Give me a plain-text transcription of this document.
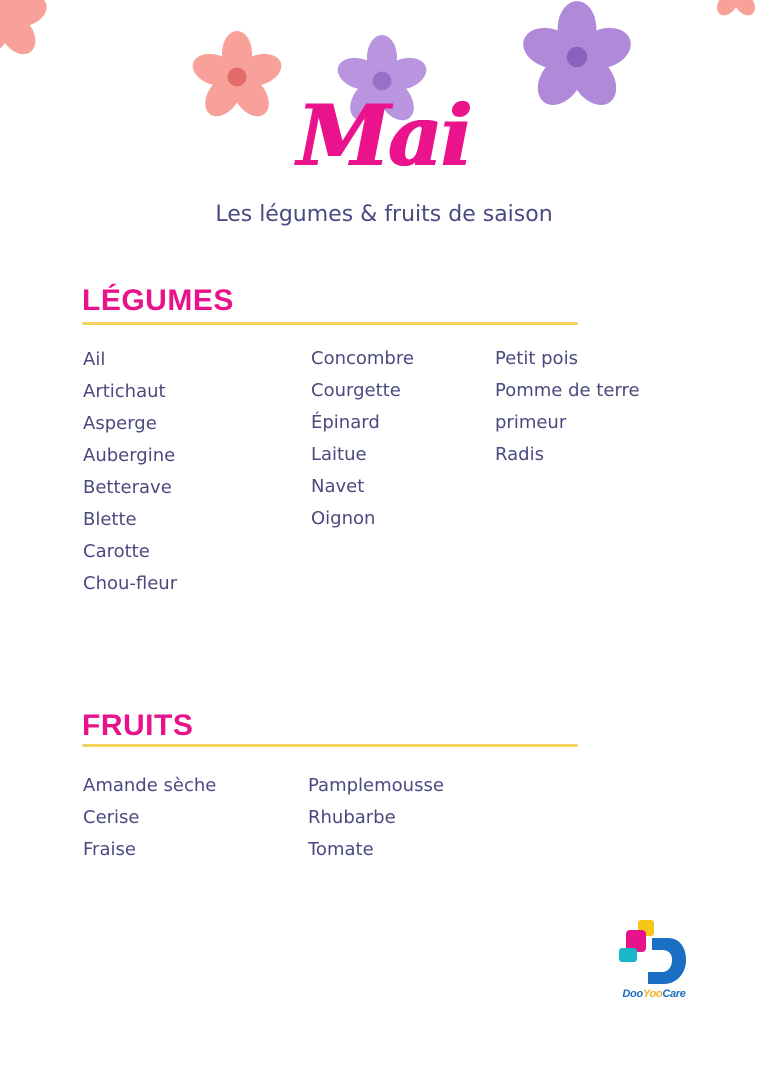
Mai
Les légumes & fruits de saison
LÉGUMES
Ail
Artichaut
Asperge
Aubergine
Betterave
Blette
Carotte
Chou-fleur
Concombre
Courgette
Épinard
Laitue
Navet
Oignon
Petit pois
Pomme de terre
primeur
Radis
FRUITS
Amande sèche
Cerise
Fraise
Pamplemousse
Rhubarbe
Tomate
DooYooCare
